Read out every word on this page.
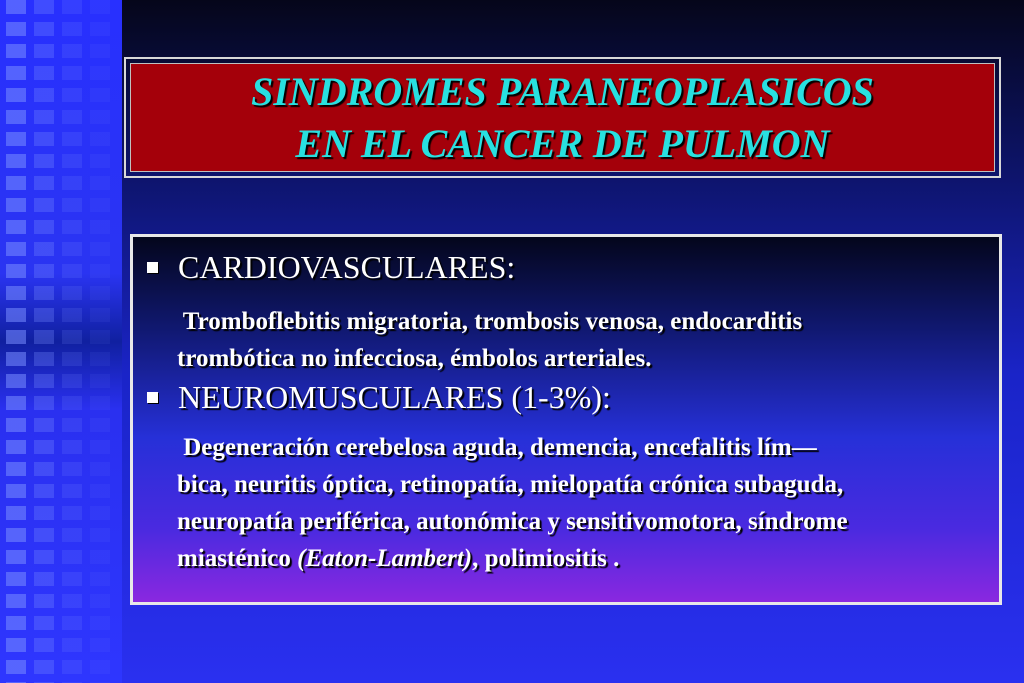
SINDROMES PARANEOPLASICOS
EN EL CANCER DE PULMON
CARDIOVASCULARES:
Tromboflebitis migratoria, trombosis venosa, endocarditis
trombótica no infecciosa, émbolos arteriales.
NEUROMUSCULARES (1-3%):
Degeneración cerebelosa aguda, demencia, encefalitis lím—
bica, neuritis óptica, retinopatía, mielopatía crónica subaguda,
neuropatía periférica, autonómica y sensitivomotora, síndrome
miasténico (Eaton-Lambert), polimiositis .
